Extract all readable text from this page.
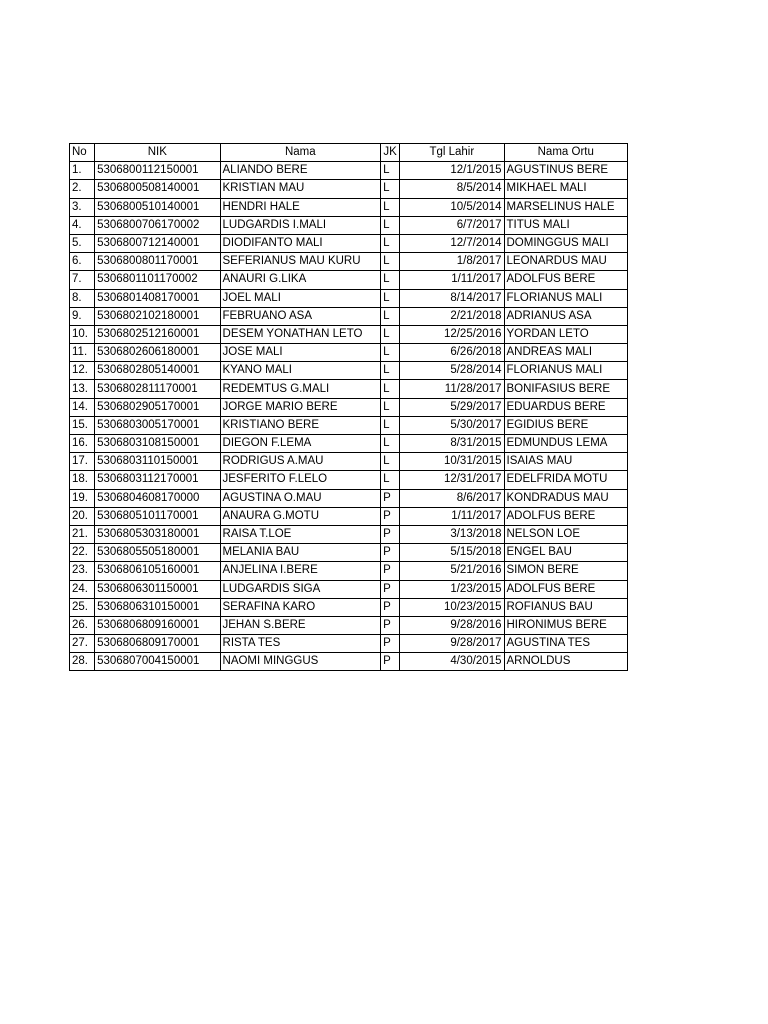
No	NIK	Nama	JK	Tgl Lahir	Nama Ortu
1.	5306800112150001	ALIANDO BERE	L	12/1/2015	AGUSTINUS BERE
2.	5306800508140001	KRISTIAN MAU	L	8/5/2014	MIKHAEL MALI
3.	5306800510140001	HENDRI HALE	L	10/5/2014	MARSELINUS HALE
4.	5306800706170002	LUDGARDIS I.MALI	L	6/7/2017	TITUS MALI
5.	5306800712140001	DIODIFANTO MALI	L	12/7/2014	DOMINGGUS MALI
6.	5306800801170001	SEFERIANUS MAU KURU	L	1/8/2017	LEONARDUS MAU
7.	5306801101170002	ANAURI G.LIKA	L	1/11/2017	ADOLFUS BERE
8.	5306801408170001	JOEL MALI	L	8/14/2017	FLORIANUS MALI
9.	5306802102180001	FEBRUANO ASA	L	2/21/2018	ADRIANUS ASA
10.	5306802512160001	DESEM YONATHAN LETO	L	12/25/2016	YORDAN LETO
11.	5306802606180001	JOSE MALI	L	6/26/2018	ANDREAS MALI
12.	5306802805140001	KYANO MALI	L	5/28/2014	FLORIANUS MALI
13.	5306802811170001	REDEMTUS G.MALI	L	11/28/2017	BONIFASIUS BERE
14.	5306802905170001	JORGE MARIO BERE	L	5/29/2017	EDUARDUS BERE
15.	5306803005170001	KRISTIANO BERE	L	5/30/2017	EGIDIUS BERE
16.	5306803108150001	DIEGON F.LEMA	L	8/31/2015	EDMUNDUS LEMA
17.	5306803110150001	RODRIGUS A.MAU	L	10/31/2015	ISAIAS MAU
18.	5306803112170001	JESFERITO F.LELO	L	12/31/2017	EDELFRIDA MOTU
19.	5306804608170000	AGUSTINA O.MAU	P	8/6/2017	KONDRADUS MAU
20.	5306805101170001	ANAURA G.MOTU	P	1/11/2017	ADOLFUS BERE
21.	5306805303180001	RAISA T.LOE	P	3/13/2018	NELSON LOE
22.	5306805505180001	MELANIA BAU	P	5/15/2018	ENGEL BAU
23.	5306806105160001	ANJELINA I.BERE	P	5/21/2016	SIMON BERE
24.	5306806301150001	LUDGARDIS SIGA	P	1/23/2015	ADOLFUS BERE
25.	5306806310150001	SERAFINA KARO	P	10/23/2015	ROFIANUS BAU
26.	5306806809160001	JEHAN S.BERE	P	9/28/2016	HIRONIMUS BERE
27.	5306806809170001	RISTA TES	P	9/28/2017	AGUSTINA TES
28.	5306807004150001	NAOMI MINGGUS	P	4/30/2015	ARNOLDUS
